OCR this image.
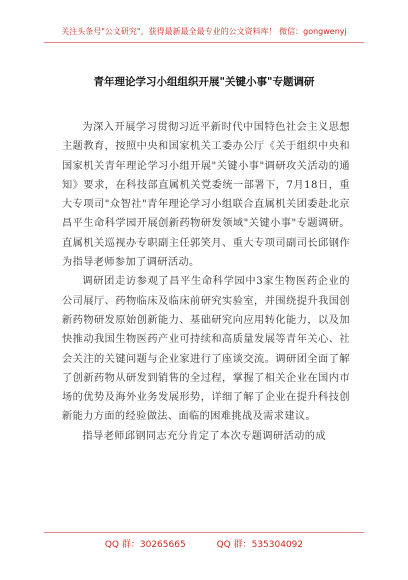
关注头条号"公文研究"，获得最新最全最专业的公文资料库！ 微信：gongwenyj
青年理论学习小组组织开展"关键小事"专题调研

为深入开展学习贯彻习近平新时代中国特色社会主义思想主题教育，按照中央和国家机关工委办公厅《关于组织中央和国家机关青年理论学习小组开展"关键小事"调研攻关活动的通知》要求，在科技部直属机关党委统一部署下，7月18日，重大专项司"众智社"青年理论学习小组联合直属机关团委赴北京昌平生命科学园开展创新药物研发领域"关键小事"专题调研。直属机关巡视办专职副主任郭笑月、重大专项司副司长邱钢作为指导老师参加了调研活动。

调研团走访参观了昌平生命科学园中3家生物医药企业的公司展厅、药物临床及临床前研究实验室，并围绕提升我国创新药物研发原始创新能力、基础研究向应用转化能力，以及加快推动我国生物医药产业可持续和高质量发展等青年关心、社会关注的关键问题与企业家进行了座谈交流。调研团全面了解了创新药物从研发到销售的全过程，掌握了相关企业在国内市场的优势及海外业务发展形势，详细了解了企业在提升科技创新能力方面的经验做法、面临的困难挑战及需求建议。

指导老师邱钢同志充分肯定了本次专题调研活动的成

QQ 群：30265665	QQ 群：535304092
